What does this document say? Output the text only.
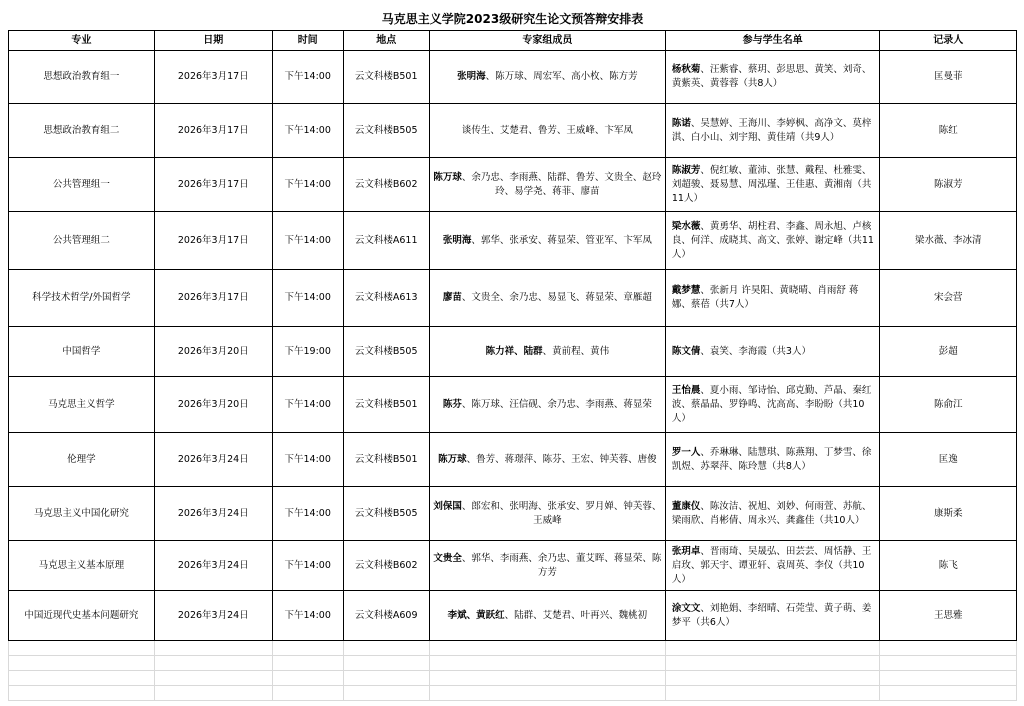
马克思主义学院2023级研究生论文预答辩安排表
专业	日期	时间	地点	专家组成员	参与学生名单	记录人
思想政治教育组一	2026年3月17日	下午14:00	云文科楼B501	张明海、陈万球、周宏军、高小枚、陈方芳	杨秋菊、汪紫睿、蔡玥、彭思思、黄笑、刘奇、黄紫英、黄蓉蓉（共8人）	匡曼菲
思想政治教育组二	2026年3月17日	下午14:00	云文科楼B505	谈传生、艾楚君、鲁芳、王威峰、卞军凤	陈诺、吴慧婷、王海川、李婷枫、高净文、莫梓淇、白小山、刘宇翔、黄佳靖（共9人）	陈红
公共管理组一	2026年3月17日	下午14:00	云文科楼B602	陈万球、余乃忠、李雨燕、陆群、鲁芳、文贵全、赵玲玲、易学尧、蒋菲、廖苗	陈淑芳、倪红敏、董沛、张慧、戴程、杜雅雯、刘超骏、聂易慧、周泓瑾、王佳惠、黄湘南（共11人）	陈淑芳
公共管理组二	2026年3月17日	下午14:00	云文科楼A611	张明海、郭华、张承安、蒋显荣、管亚军、卞军凤	梁水薇、黄勇华、胡柱君、李鑫、周永旭、卢核良、何洋、成晓其、高文、张婷、谢定峰（共11人）	梁水薇、李冰清
科学技术哲学/外国哲学	2026年3月17日	下午14:00	云文科楼A613	廖苗、文贵全、余乃忠、易显飞、蒋显荣、章雁超	戴梦慧、张新月 许昊阳、黄晓晴、肖雨舒 蒋娜、蔡蓓（共7人）	宋会营
中国哲学	2026年3月20日	下午19:00	云文科楼B505	陈力祥、陆群、黄前程、黄伟	陈文倩、袁笑、李海霞（共3人）	彭超
马克思主义哲学	2026年3月20日	下午14:00	云文科楼B501	陈芬、陈万球、汪信砚、余乃忠、李雨燕、蒋显荣	王怡晨、夏小雨、邹诗怡、邱克勤、芦晶、秦红波、蔡晶晶、罗铮鸣、沈高高、李盼盼（共10人）	陈俞江
伦理学	2026年3月24日	下午14:00	云文科楼B501	陈万球、鲁芳、蒋璟萍、陈芬、王宏、钟芙蓉、唐俊	罗一人、乔琳琳、陆慧琪、陈燕翔、丁梦雪、徐凯煜、苏翠萍、陈玲慧（共8人）	匡逸
马克思主义中国化研究	2026年3月24日	下午14:00	云文科楼B505	刘保国、郎宏和、张明海、张承安、罗月婵、钟芙蓉、王威峰	董康仪、陈汝洁、祝旭、刘妙、何雨萱、苏航、梁雨欣、肖彬倩、周永兴、龚鑫佳（共10人）	康斯柔
马克思主义基本原理	2026年3月24日	下午14:00	云文科楼B602	文贵全、郭华、李雨燕、余乃忠、董艾晖、蒋显荣、陈方芳	张玥卓、晋雨琦、吴晟弘、田芸芸、周恬静、王启玫、郭天宇、谭亚轩、袁周英、李仪（共10人）	陈飞
中国近现代史基本问题研究	2026年3月24日	下午14:00	云文科楼A609	李斌、黄跃红、陆群、艾楚君、叶再兴、魏桃初	涂文文、刘艳娟、李绍晴、石莞莹、黄子萌、姜梦平（共6人）	王思雅
